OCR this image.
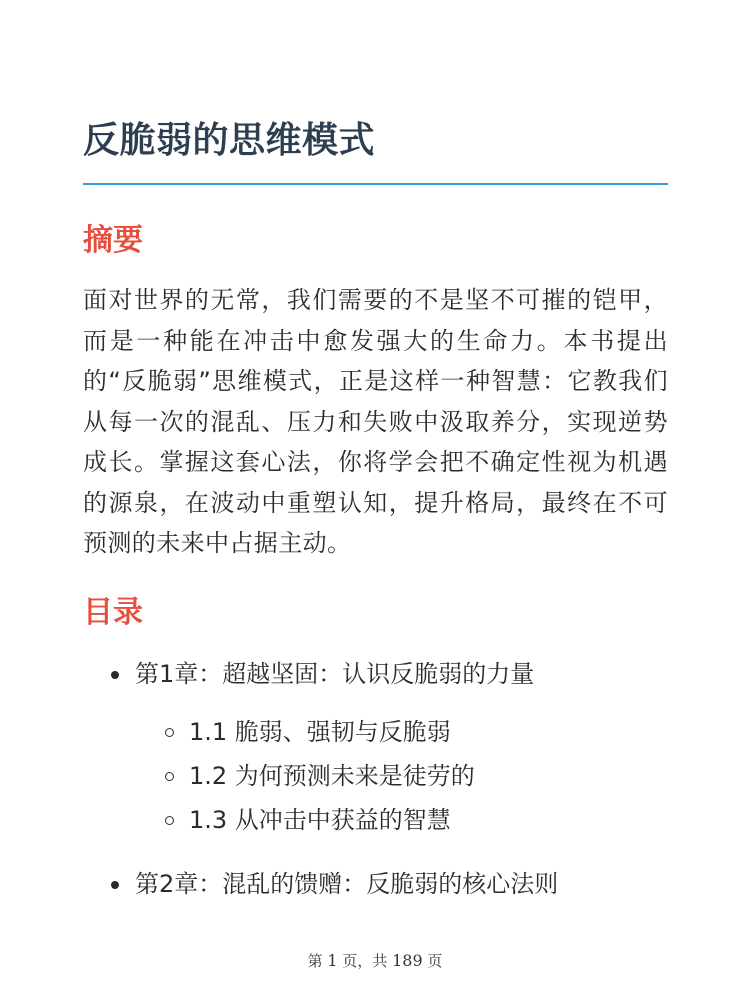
反脆弱的思维模式
摘要

面对世界的无常，我们需要的不是坚不可摧的铠甲，而是一种能在冲击中愈发强大的生命力。本书提出的“反脆弱”思维模式，正是这样一种智慧：它教我们从每一次的混乱、压力和失败中汲取养分，实现逆势成长。掌握这套心法，你将学会把不确定性视为机遇的源泉，在波动中重塑认知，提升格局，最终在不可预测的未来中占据主动。

目录
第1章：超越坚固：认识反脆弱的力量
1.1 脆弱、强韧与反脆弱
1.2 为何预测未来是徒劳的
1.3 从冲击中获益的智慧
第2章：混乱的馈赠：反脆弱的核心法则
第 1 页，共 189 页
